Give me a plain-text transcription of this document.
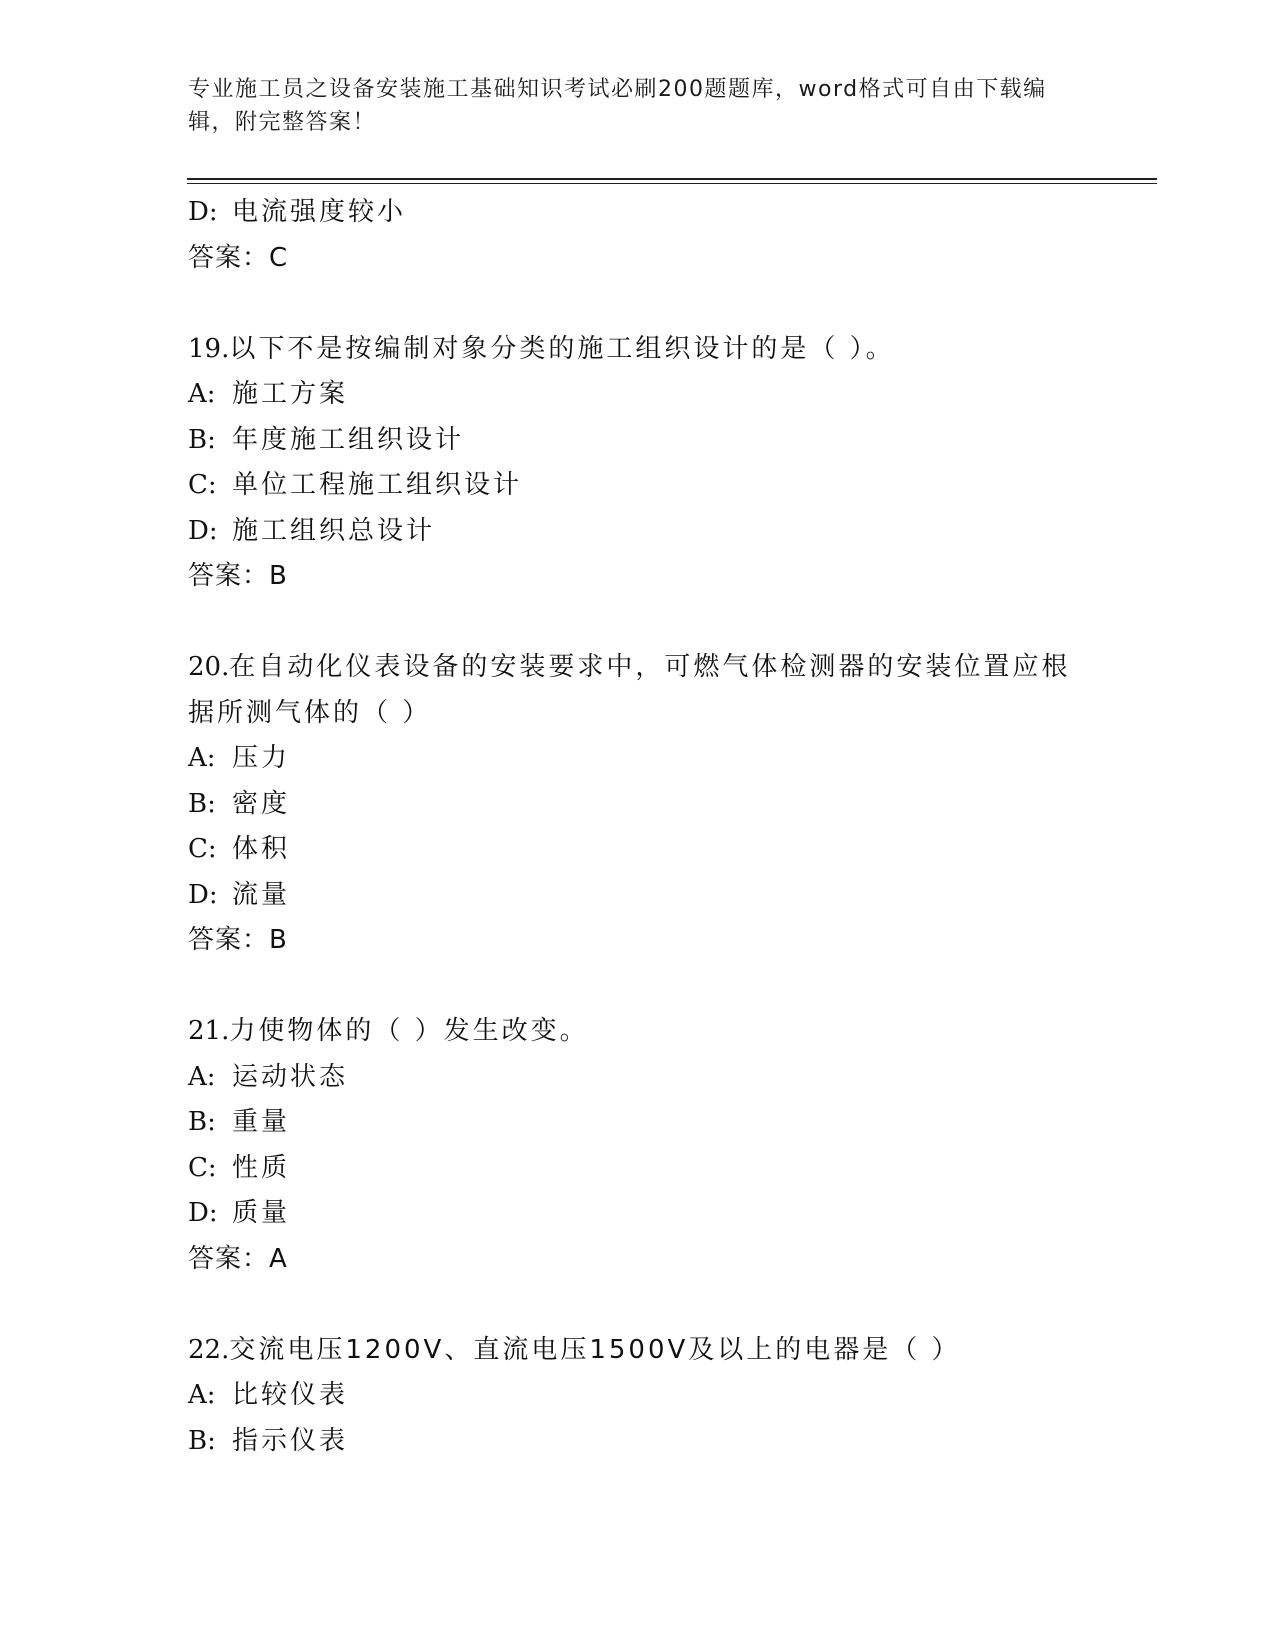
专业施工员之设备安装施工基础知识考试必刷200题题库，word格式可自由下载编辑，附完整答案！
D: 电流强度较小
答案：C
19.以下不是按编制对象分类的施工组织设计的是（ ）。
A: 施工方案
B: 年度施工组织设计
C: 单位工程施工组织设计
D: 施工组织总设计
答案：B
20.在自动化仪表设备的安装要求中，可燃气体检测器的安装位置应根
据所测气体的（ ）
A: 压力
B: 密度
C: 体积
D: 流量
答案：B
21.力使物体的（ ）发生改变。
A: 运动状态
B: 重量
C: 性质
D: 质量
答案：A
22.交流电压1200V、直流电压1500V及以上的电器是（ ）
A: 比较仪表
B: 指示仪表
